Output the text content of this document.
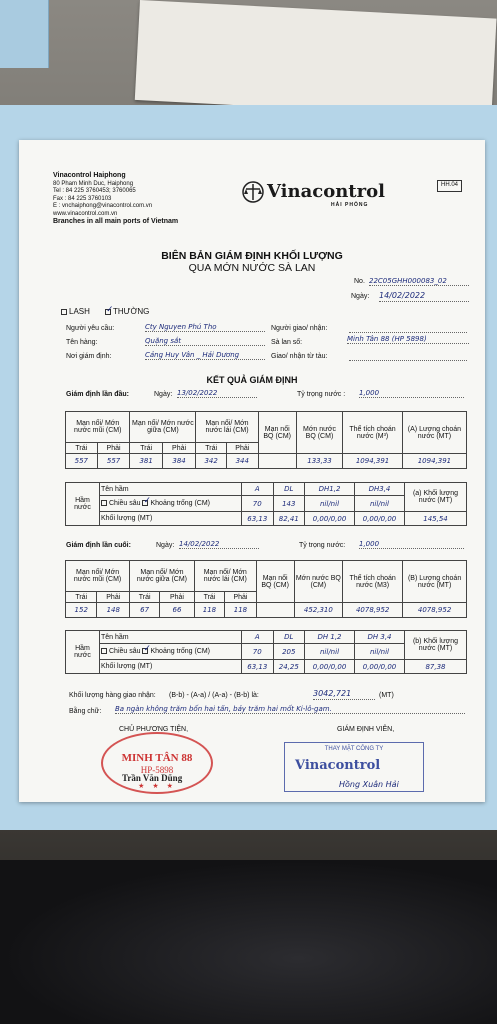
Vinacontrol Haiphong
80 Pham Minh Duc, Haiphong
Tel : 84 225 3760453; 3760065
Fax : 84 225 3760103
E : vnchaiphong@vinacontrol.com.vn
www.vinacontrol.com.vn
Branches in all main ports of Vietnam
Vinacontrol
HẢI PHÒNG
HH.04
BIÊN BẢN GIÁM ĐỊNH KHỐI LƯỢNG
QUA MỚN NƯỚC SÀ LAN
No. 22C05GHH000083_02
Ngày: 14/02/2022
LASH ✓	THƯỜNG
Người yêu cầu:	Cty Nguyen Phú Thọ
Tên hàng:	Quặng sắt
Nơi giám định:	Cảng Huy Vân _ Hải Dương
Người giao/ nhận:
Sà lan số:	Minh Tân 88 (HP 5898)
Giao/ nhận từ tàu:
KẾT QUẢ GIÁM ĐỊNH
Giám định lần đầu:	Ngày: 13/02/2022	Tỷ trọng nước : 1,000
Mạn nổi/ Mớn nước mũi (CM)		Mạn nổi/ Mớn nước giữa (CM)		Mạn nổi/ Mớn nước lái (CM)		Mạn nổi BQ (CM)	Mớn nước BQ (CM)	Thể tích choán nước (M³)	(A) Lượng choán nước (MT)
Trái	Phải	Trái	Phải	Trái	Phải				
557	557	381	384	342	344		133,33	1094,391	1094,391
Hầm nước	Tên hầm	A	DL	DH1,2	DH3,4	(a) Khối lượng nước (MT)
	Chiều sâu ✓ Khoảng trống (CM)	70	143	nil/nil	nil/nil	
	Khối lượng (MT)	63,13	82,41	0,00/0,00	0,00/0,00	145,54
Giám định lần cuối:	Ngày: 14/02/2022	Tỷ trọng nước: 1,000
Mạn nổi/ Mớn nước mũi (CM)		Mạn nổi/ Mớn nước giữa (CM)		Mạn nổi/ Mớn nước lái (CM)		Mạn nổi BQ (CM)	Mớn nước BQ (CM)	Thể tích choán nước (M3)	(B) Lượng choán nước (MT)
Trái	Phải	Trái	Phải	Trái	Phải				
152	148	67	66	118	118		452,310	4078,952	4078,952
Hầm nước	Tên hầm	A	DL	DH 1,2	DH 3,4	(b) Khối lượng nước (MT)
	Chiều sâu ✓ Khoảng trống (CM)	70	205	nil/nil	nil/nil	
	Khối lượng (MT)	63,13	24,25	0,00/0,00	0,00/0,00	87,38
Khối lượng hàng giao nhận: (B-b) - (A-a) / (A-a) - (B-b) là:	3042,721	(MT)
Bằng chữ: Ba ngàn không trăm bốn hai tấn, bảy trăm hai mốt Ki-lô-gam.
CHỦ PHƯƠNG TIỆN,	GIÁM ĐỊNH VIÊN,
MINH TÂN 88
HP-5898
★ ★ ★
Trần Văn Dũng
THAY MẶT CÔNG TY
Vinacontrol
Hồng Xuân Hải
